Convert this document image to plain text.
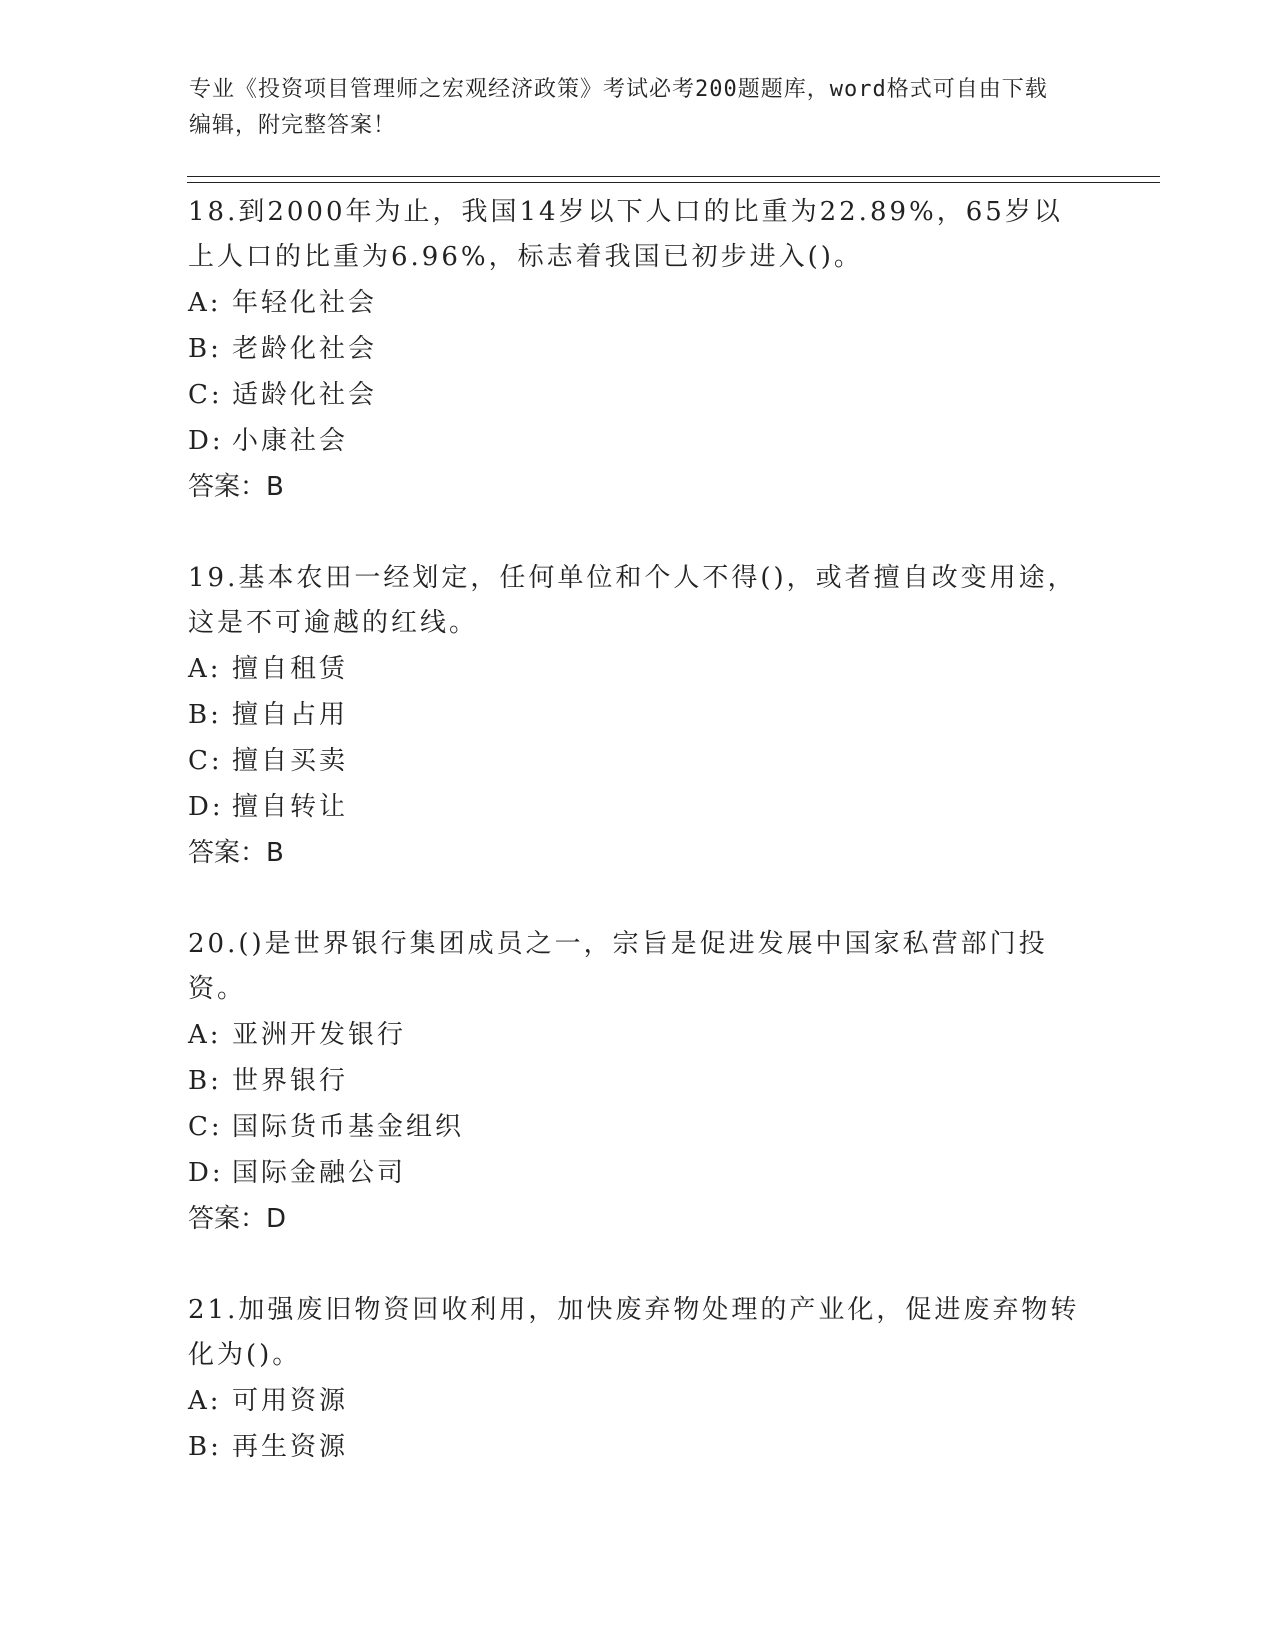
专业《投资项目管理师之宏观经济政策》考试必考200题题库，word格式可自由下载编辑，附完整答案！
18.到2000年为止，我国14岁以下人口的比重为22.89%，65岁以上人口的比重为6.96%，标志着我国已初步进入()。
A: 年轻化社会
B: 老龄化社会
C: 适龄化社会
D: 小康社会
答案：B
19.基本农田一经划定，任何单位和个人不得()，或者擅自改变用途，这是不可逾越的红线。
A: 擅自租赁
B: 擅自占用
C: 擅自买卖
D: 擅自转让
答案：B
20.()是世界银行集团成员之一，宗旨是促进发展中国家私营部门投资。
A: 亚洲开发银行
B: 世界银行
C: 国际货币基金组织
D: 国际金融公司
答案：D
21.加强废旧物资回收利用，加快废弃物处理的产业化，促进废弃物转化为()。
A: 可用资源
B: 再生资源
